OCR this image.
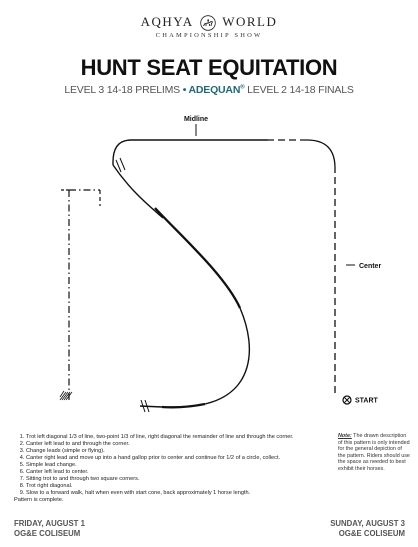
AQHYA WORLD
CHAMPIONSHIP SHOW
HUNT SEAT EQUITATION
LEVEL 3 14-18 PRELIMS • ADEQUAN® LEVEL 2 14-18 FINALS
Midline
Center
START
1. Trot left diagonal 1/3 of line, two-point 1/3 of line, right diagonal the remainder of line and through the corner.
2. Canter left lead to and through the corner.
3. Change leads (simple or flying).
4. Canter right lead and move up into a hand gallop prior to center and continue for 1/2 of a circle, collect.
5. Simple lead change.
6. Canter left lead to center.
7. Sitting trot to and through two square corners.
8. Trot right diagonal.
9. Slow to a forward walk, halt when even with start cone, back approximately 1 horse length.
Pattern is complete.
Note: The drawn description of this pattern is only intended for the general depiction of the pattern. Riders should use the space as needed to best exhibit their horses.
FRIDAY, AUGUST 1
OG&E COLISEUM
SUNDAY, AUGUST 3
OG&E COLISEUM
